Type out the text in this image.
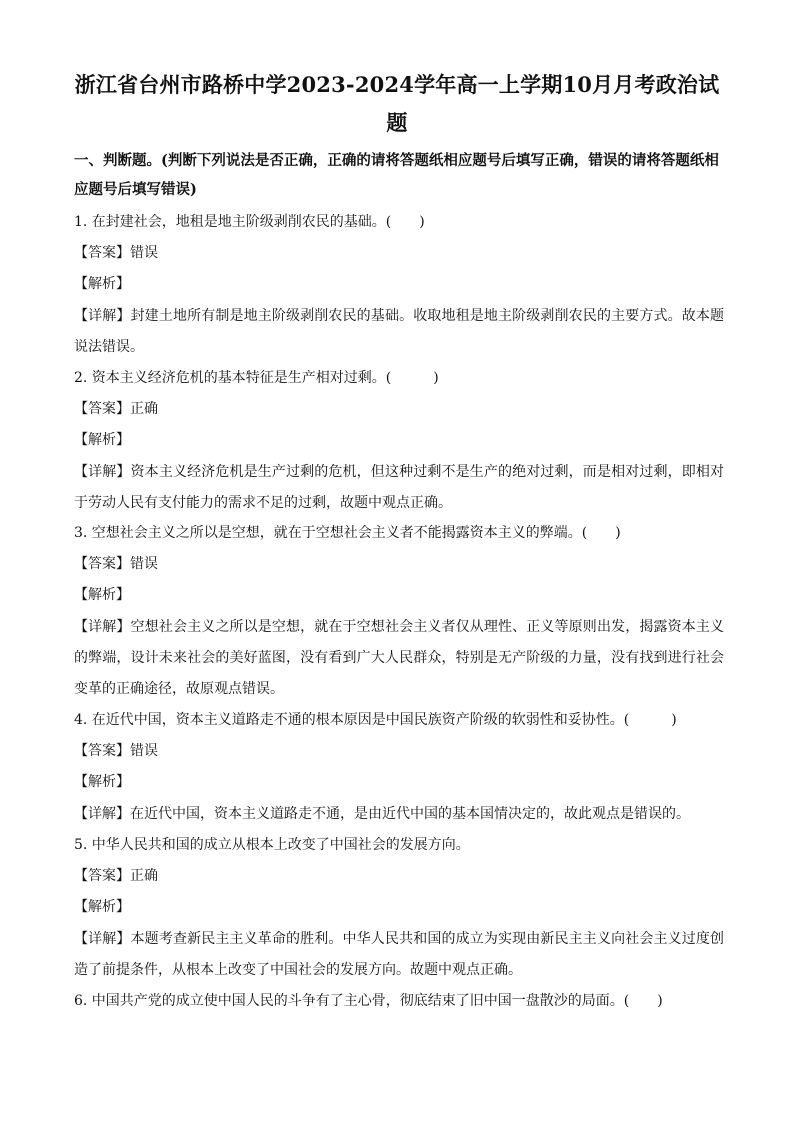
浙江省台州市路桥中学2023-2024学年高一上学期10月月考政治试题
一、判断题。(判断下列说法是否正确，正确的请将答题纸相应题号后填写正确，错误的请将答题纸相应题号后填写错误)
1. 在封建社会，地租是地主阶级剥削农民的基础。(　　)
【答案】错误
【解析】
【详解】封建土地所有制是地主阶级剥削农民的基础。收取地租是地主阶级剥削农民的主要方式。故本题说法错误。
2. 资本主义经济危机的基本特征是生产相对过剩。(　　　)
【答案】正确
【解析】
【详解】资本主义经济危机是生产过剩的危机，但这种过剩不是生产的绝对过剩，而是相对过剩，即相对于劳动人民有支付能力的需求不足的过剩，故题中观点正确。
3. 空想社会主义之所以是空想，就在于空想社会主义者不能揭露资本主义的弊端。(　　)
【答案】错误
【解析】
【详解】空想社会主义之所以是空想，就在于空想社会主义者仅从理性、正义等原则出发，揭露资本主义的弊端，设计未来社会的美好蓝图，没有看到广大人民群众，特别是无产阶级的力量，没有找到进行社会变革的正确途径，故原观点错误。
4. 在近代中国，资本主义道路走不通的根本原因是中国民族资产阶级的软弱性和妥协性。(　　　)
【答案】错误
【解析】
【详解】在近代中国，资本主义道路走不通，是由近代中国的基本国情决定的，故此观点是错误的。
5. 中华人民共和国的成立从根本上改变了中国社会的发展方向。
【答案】正确
【解析】
【详解】本题考查新民主主义革命的胜利。中华人民共和国的成立为实现由新民主主义向社会主义过度创造了前提条件，从根本上改变了中国社会的发展方向。故题中观点正确。
6. 中国共产党的成立使中国人民的斗争有了主心骨，彻底结束了旧中国一盘散沙的局面。(　　)
